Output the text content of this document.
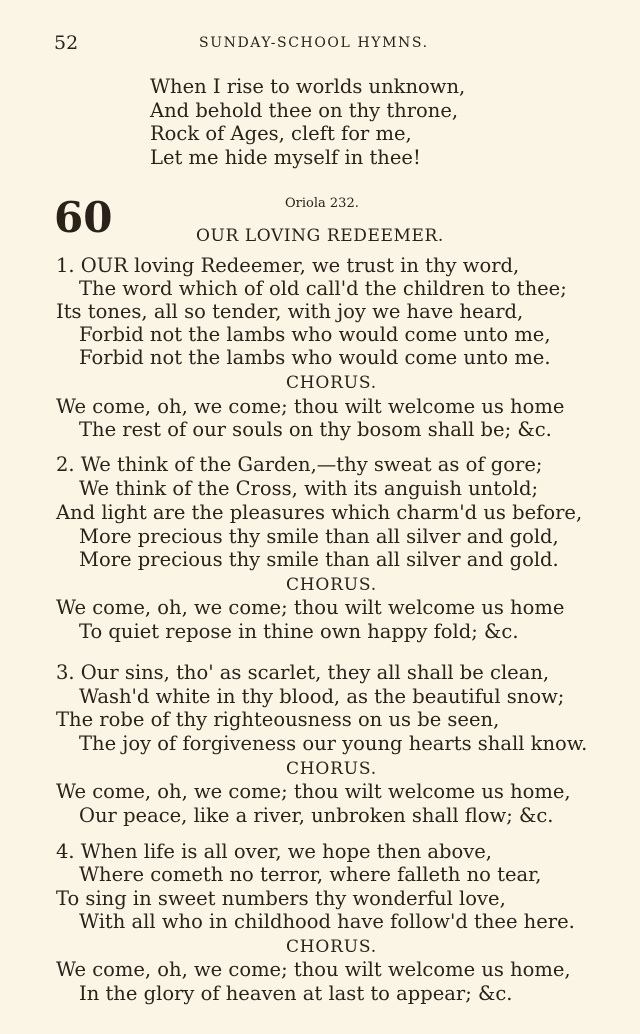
52	SUNDAY-SCHOOL HYMNS.
When I rise to worlds unknown,
And behold thee on thy throne,
Rock of Ages, cleft for me,
Let me hide myself in thee!
Oriola 232.
60	OUR LOVING REDEEMER.
1. OUR loving Redeemer, we trust in thy word,
The word which of old call'd the children to thee;
Its tones, all so tender, with joy we have heard,
Forbid not the lambs who would come unto me,
Forbid not the lambs who would come unto me.
CHORUS.
We come, oh, we come; thou wilt welcome us home
The rest of our souls on thy bosom shall be; &c.
2. We think of the Garden,—thy sweat as of gore;
We think of the Cross, with its anguish untold;
And light are the pleasures which charm'd us before,
More precious thy smile than all silver and gold,
More precious thy smile than all silver and gold.
CHORUS.
We come, oh, we come; thou wilt welcome us home
To quiet repose in thine own happy fold; &c.
3. Our sins, tho' as scarlet, they all shall be clean,
Wash'd white in thy blood, as the beautiful snow;
The robe of thy righteousness on us be seen,
The joy of forgiveness our young hearts shall know.
CHORUS.
We come, oh, we come; thou wilt welcome us home,
Our peace, like a river, unbroken shall flow; &c.
4. When life is all over, we hope then above,
Where cometh no terror, where falleth no tear,
To sing in sweet numbers thy wonderful love,
With all who in childhood have follow'd thee here.
CHORUS.
We come, oh, we come; thou wilt welcome us home,
In the glory of heaven at last to appear; &c.
